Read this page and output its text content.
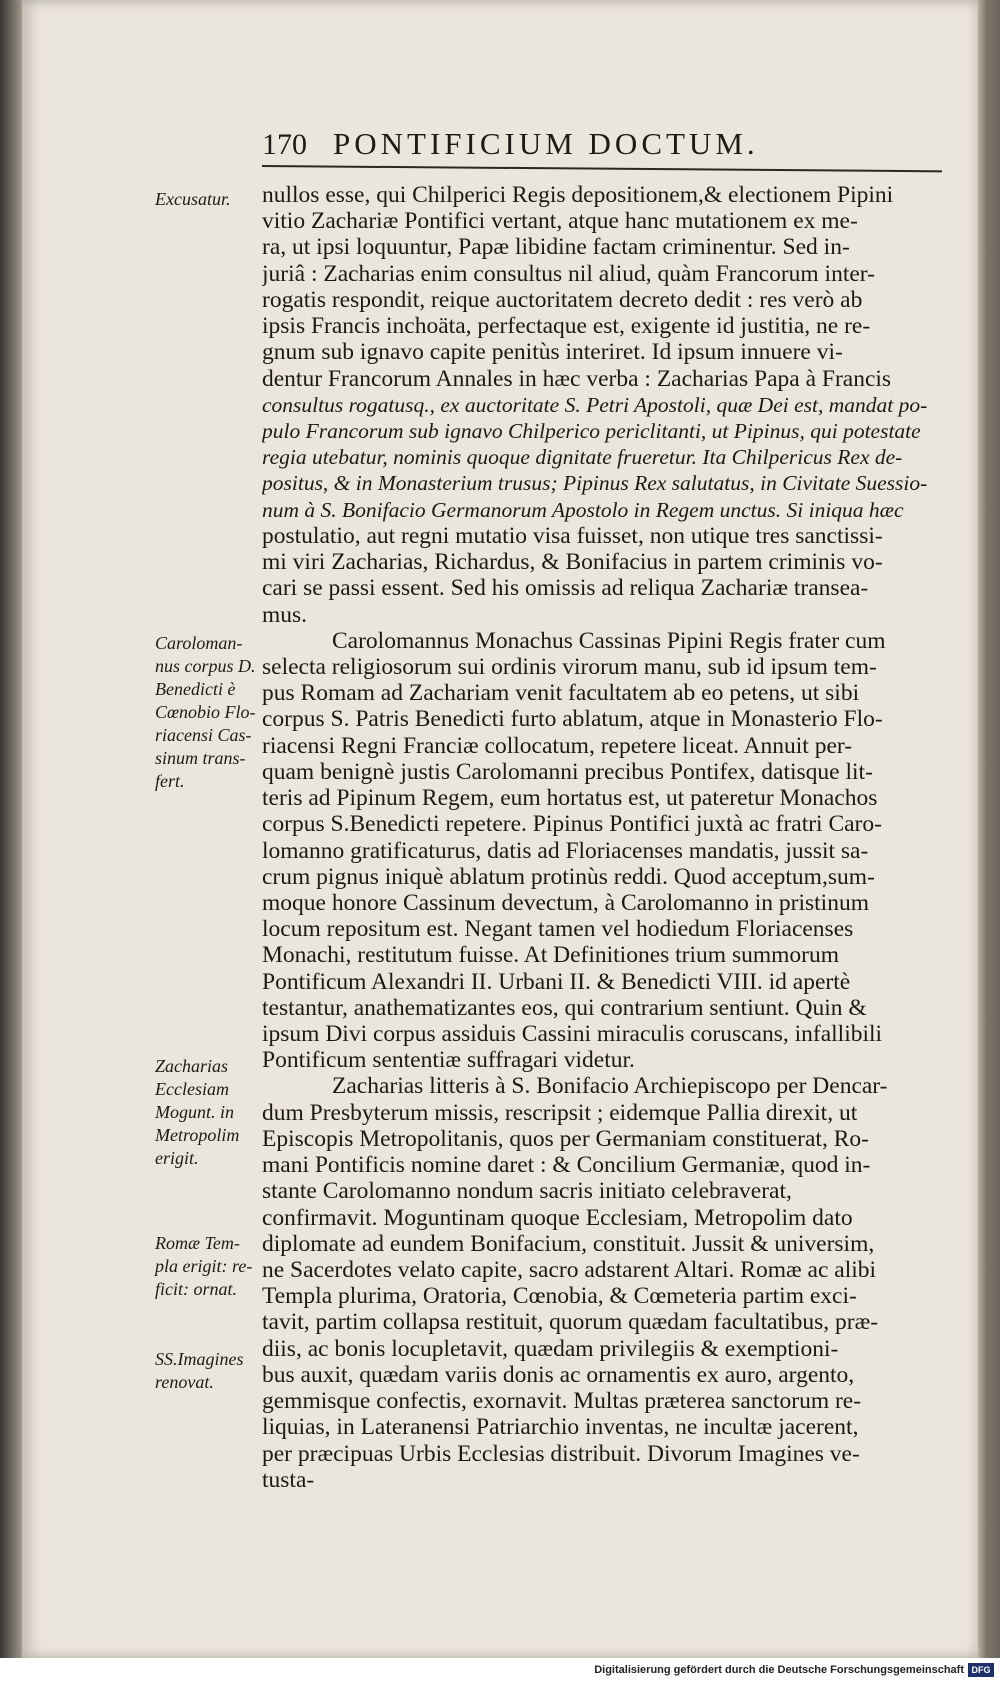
170 PONTIFICIUM DOCTUM.
Excusatur.
Caroloman-
nus corpus D.
Benedicti è
Cœnobio Flo-
riacensi Cas-
sinum trans-
fert.
Zacharias
Ecclesiam
Mogunt. in
Metropolim
erigit.
Romæ Tem-
pla erigit: re-
ficit: ornat.
SS.Imagines
renovat.
nullos esse, qui Chilperici Regis depositionem,& electionem Pipini
vitio Zachariæ Pontifici vertant, atque hanc mutationem ex me-
ra, ut ipsi loquuntur, Papæ libidine factam criminentur. Sed in-
juriâ : Zacharias enim consultus nil aliud, quàm Francorum inter-
rogatis respondit, reique auctoritatem decreto dedit : res verò ab
ipsis Francis inchoäta, perfectaque est, exigente id justitia, ne re-
gnum sub ignavo capite penitùs interiret. Id ipsum innuere vi-
dentur Francorum Annales in hæc verba : Zacharias Papa à Francis
consultus rogatusq., ex auctoritate S. Petri Apostoli, quæ Dei est, mandat po-
pulo Francorum sub ignavo Chilperico periclitanti, ut Pipinus, qui potestate
regia utebatur, nominis quoque dignitate frueretur. Ita Chilpericus Rex de-
positus, & in Monasterium trusus; Pipinus Rex salutatus, in Civitate Suessio-
num à S. Bonifacio Germanorum Apostolo in Regem unctus. Si iniqua hæc
postulatio, aut regni mutatio visa fuisset, non utique tres sanctissi-
mi viri Zacharias, Richardus, & Bonifacius in partem criminis vo-
cari se passi essent. Sed his omissis ad reliqua Zachariæ transea-
mus.
Carolomannus Monachus Cassinas Pipini Regis frater cum
selecta religiosorum sui ordinis virorum manu, sub id ipsum tem-
pus Romam ad Zachariam venit facultatem ab eo petens, ut sibi
corpus S. Patris Benedicti furto ablatum, atque in Monasterio Flo-
riacensi Regni Franciæ collocatum, repetere liceat. Annuit per-
quam benignè justis Carolomanni precibus Pontifex, datisque lit-
teris ad Pipinum Regem, eum hortatus est, ut pateretur Monachos
corpus S.Benedicti repetere. Pipinus Pontifici juxtà ac fratri Caro-
lomanno gratificaturus, datis ad Floriacenses mandatis, jussit sa-
crum pignus iniquè ablatum protinùs reddi. Quod acceptum,sum-
moque honore Cassinum devectum, à Carolomanno in pristinum
locum repositum est. Negant tamen vel hodiedum Floriacenses
Monachi, restitutum fuisse. At Definitiones trium summorum
Pontificum Alexandri II. Urbani II. & Benedicti VIII. id apertè
testantur, anathematizantes eos, qui contrarium sentiunt. Quin &
ipsum Divi corpus assiduis Cassini miraculis coruscans, infallibili
Pontificum sententiæ suffragari videtur.
Zacharias litteris à S. Bonifacio Archiepiscopo per Dencar-
dum Presbyterum missis, rescripsit ; eidemque Pallia direxit, ut
Episcopis Metropolitanis, quos per Germaniam constituerat, Ro-
mani Pontificis nomine daret : & Concilium Germaniæ, quod in-
stante Carolomanno nondum sacris initiato celebraverat,
confirmavit. Moguntinam quoque Ecclesiam, Metropolim dato
diplomate ad eundem Bonifacium, constituit. Jussit & universim,
ne Sacerdotes velato capite, sacro adstarent Altari. Romæ ac alibi
Templa plurima, Oratoria, Cœnobia, & Cœmeteria partim exci-
tavit, partim collapsa restituit, quorum quædam facultatibus, præ-
diis, ac bonis locupletavit, quædam privilegiis & exemptioni-
bus auxit, quædam variis donis ac ornamentis ex auro, argento,
gemmisque confectis, exornavit. Multas præterea sanctorum re-
liquias, in Lateranensi Patriarchio inventas, ne incultæ jacerent,
per præcipuas Urbis Ecclesias distribuit. Divorum Imagines ve-
tusta-
Digitalisierung gefördert durch die Deutsche Forschungsgemeinschaft DFG
